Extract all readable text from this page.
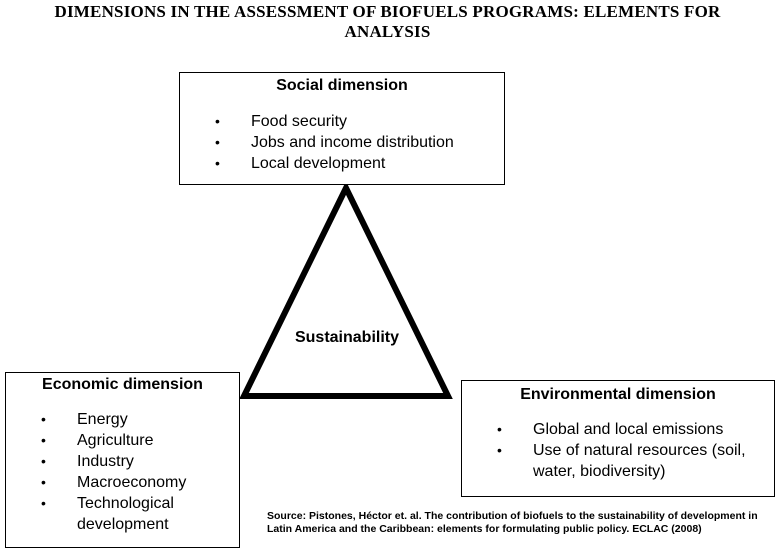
DIMENSIONS IN THE ASSESSMENT OF BIOFUELS PROGRAMS: ELEMENTS FOR
ANALYSIS
Sustainability
Social dimension
• Food security
• Jobs and income distribution
• Local development
Economic dimension
• Energy
• Agriculture
• Industry
• Macroeconomy
• Technological development
Environmental dimension
• Global and local emissions
• Use of natural resources (soil, water, biodiversity)
Source: Pistones, Héctor et. al. The contribution of biofuels to the sustainability of development in Latin America and the Caribbean: elements for formulating public policy. ECLAC (2008)
